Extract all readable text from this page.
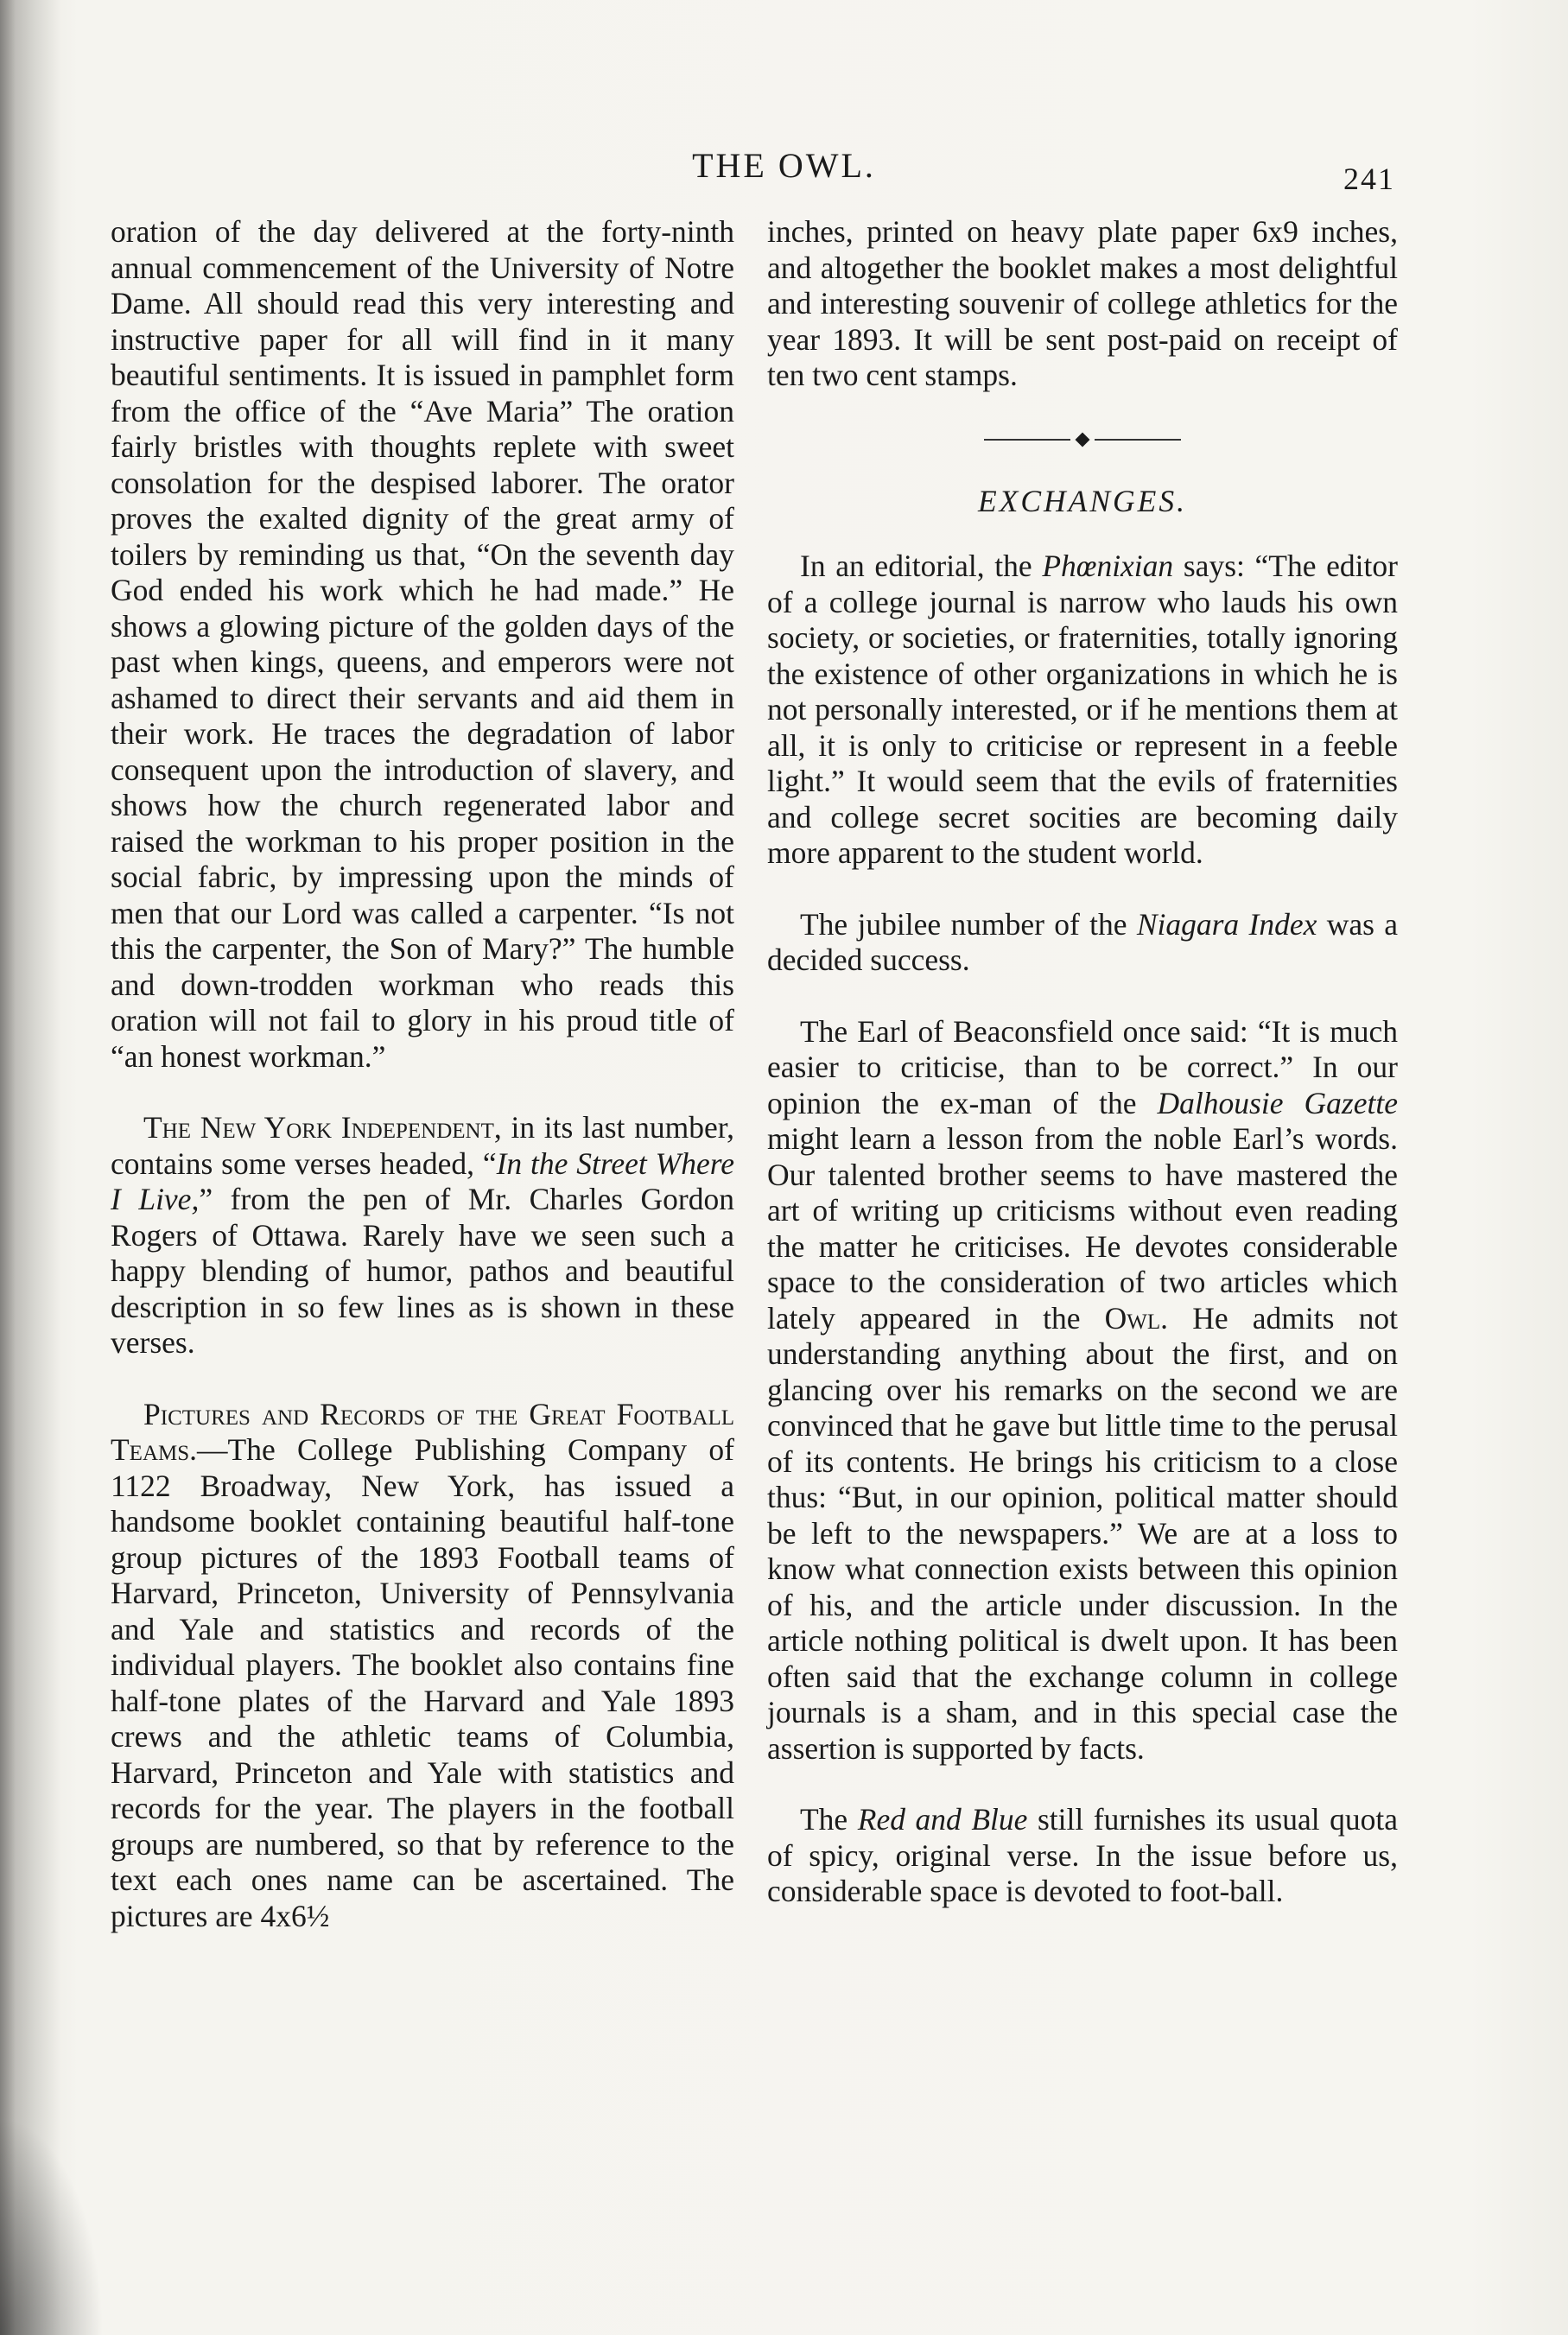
THE OWL.	241

oration of the day delivered at the forty-ninth annual commencement of the University of Notre Dame. All should read this very interesting and instructive paper for all will find in it many beautiful sentiments. It is issued in pamphlet form from the office of the “Ave Maria” The oration fairly bristles with thoughts replete with sweet consolation for the despised laborer. The orator proves the exalted dignity of the great army of toilers by reminding us that, “On the seventh day God ended his work which he had made.” He shows a glowing picture of the golden days of the past when kings, queens, and emperors were not ashamed to direct their servants and aid them in their work. He traces the degradation of labor consequent upon the introduction of slavery, and shows how the church regenerated labor and raised the workman to his proper position in the social fabric, by impressing upon the minds of men that our Lord was called a carpenter. “Is not this the carpenter, the Son of Mary?” The humble and down-trodden workman who reads this oration will not fail to glory in his proud title of “an honest workman.”

The New York Independent, in its last number, contains some verses headed, “In the Street Where I Live,” from the pen of Mr. Charles Gordon Rogers of Ottawa. Rarely have we seen such a happy blending of humor, pathos and beautiful description in so few lines as is shown in these verses.

Pictures and Records of the Great Football Teams.—The College Publishing Company of 1122 Broadway, New York, has issued a handsome booklet containing beautiful half-tone group pictures of the 1893 Football teams of Harvard, Princeton, University of Pennsylvania and Yale and statistics and records of the individual players. The booklet also contains fine half-tone plates of the Harvard and Yale 1893 crews and the athletic teams of Columbia, Harvard, Princeton and Yale with statistics and records for the year. The players in the football groups are numbered, so that by reference to the text each ones name can be ascertained. The pictures are 4x6½

inches, printed on heavy plate paper 6x9 inches, and altogether the booklet makes a most delightful and interesting souvenir of college athletics for the year 1893. It will be sent post-paid on receipt of ten two cent stamps.

EXCHANGES.

In an editorial, the Phœnixian says: “The editor of a college journal is narrow who lauds his own society, or societies, or fraternities, totally ignoring the existence of other organizations in which he is not personally interested, or if he mentions them at all, it is only to criticise or represent in a feeble light.” It would seem that the evils of fraternities and college secret socities are becoming daily more apparent to the student world.

The jubilee number of the Niagara Index was a decided success.

The Earl of Beaconsfield once said: “It is much easier to criticise, than to be correct.” In our opinion the ex-man of the Dalhousie Gazette might learn a lesson from the noble Earl’s words. Our talented brother seems to have mastered the art of writing up criticisms without even reading the matter he criticises. He devotes considerable space to the consideration of two articles which lately appeared in the Owl. He admits not understanding anything about the first, and on glancing over his remarks on the second we are convinced that he gave but little time to the perusal of its contents. He brings his criticism to a close thus: “But, in our opinion, political matter should be left to the newspapers.” We are at a loss to know what connection exists between this opinion of his, and the article under discussion. In the article nothing political is dwelt upon. It has been often said that the exchange column in college journals is a sham, and in this special case the assertion is supported by facts.

The Red and Blue still furnishes its usual quota of spicy, original verse. In the issue before us, considerable space is devoted to foot-ball.
